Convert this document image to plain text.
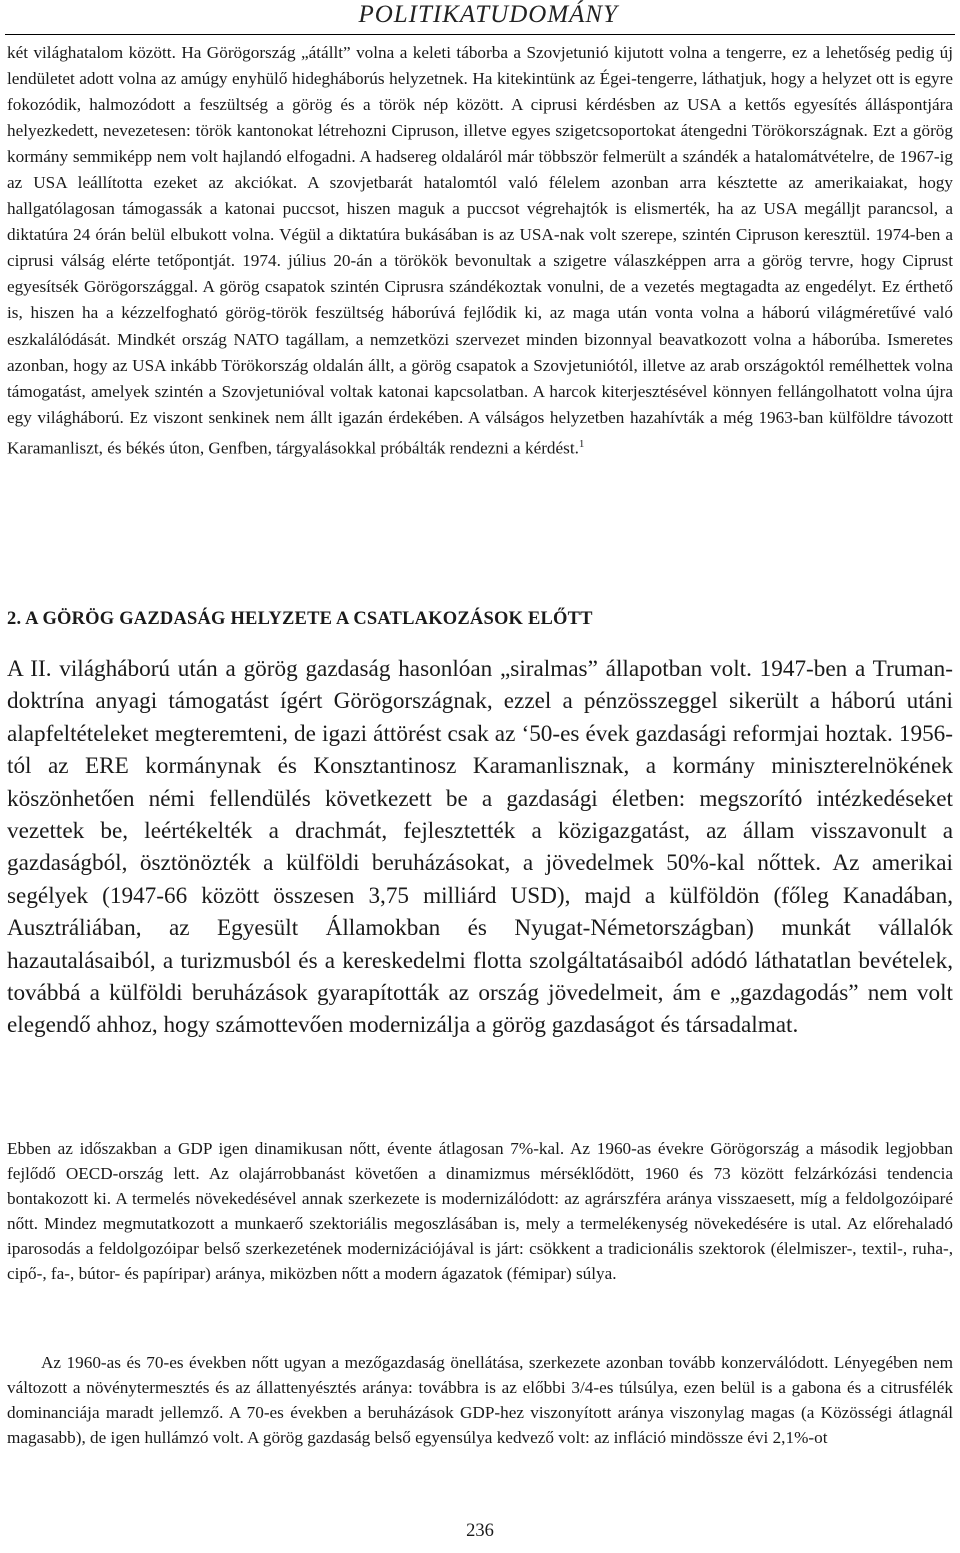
POLITIKATUDOMÁNY

két világhatalom között. Ha Görögország „átállt” volna a keleti táborba a Szovjetunió kijutott volna a tengerre, ez a lehetőség pedig új lendületet adott volna az amúgy enyhülő hidegháborús helyzetnek. Ha kitekintünk az Égei-tengerre, láthatjuk, hogy a helyzet ott is egyre fokozódik, halmozódott a feszültség a görög és a török nép között. A ciprusi kérdésben az USA a kettős egyesítés álláspontjára helyezkedett, nevezetesen: török kantonokat létrehozni Cipruson, illetve egyes szigetcsoportokat átengedni Törökországnak. Ezt a görög kormány semmiképp nem volt hajlandó elfogadni. A hadsereg oldaláról már többször felmerült a szándék a hatalomátvételre, de 1967-ig az USA leállította ezeket az akciókat. A szovjetbarát hatalomtól való félelem azonban arra késztette az amerikaiakat, hogy hallgatólagosan támogassák a katonai puccsot, hiszen maguk a puccsot végrehajtók is elismerték, ha az USA megálljt parancsol, a diktatúra 24 órán belül elbukott volna. Végül a diktatúra bukásában is az USA-nak volt szerepe, szintén Cipruson keresztül. 1974-ben a ciprusi válság elérte tetőpontját. 1974. július 20-án a törökök bevonultak a szigetre válaszképpen arra a görög tervre, hogy Ciprust egyesítsék Görögországgal. A görög csapatok szintén Ciprusra szándékoztak vonulni, de a vezetés megtagadta az engedélyt. Ez érthető is, hiszen ha a kézzelfogható görög-török feszültség háborúvá fejlődik ki, az maga után vonta volna a háború világméretűvé való eszkalálódását. Mindkét ország NATO tagállam, a nemzetközi szervezet minden bizonnyal beavatkozott volna a háborúba. Ismeretes azonban, hogy az USA inkább Törökország oldalán állt, a görög csapatok a Szovjetuniótól, illetve az arab országoktól remélhettek volna támogatást, amelyek szintén a Szovjetunióval voltak katonai kapcsolatban. A harcok kiterjesztésével könnyen fellángolhatott volna újra egy világháború. Ez viszont senkinek nem állt igazán érdekében. A válságos helyzetben hazahívták a még 1963-ban külföldre távozott Karamanliszt, és békés úton, Genfben, tárgyalásokkal próbálták rendezni a kérdést.$^1$

2. A GÖRÖG GAZDASÁG HELYZETE A CSATLAKOZÁSOK ELŐTT

A II. világháború után a görög gazdaság hasonlóan „siralmas” állapotban volt. 1947-ben a Truman-doktrína anyagi támogatást ígért Görögországnak, ezzel a pénzösszeggel sikerült a háború utáni alapfeltételeket megteremteni, de igazi áttörést csak az ‘50-es évek gazdasági reformjai hoztak. 1956-tól az ERE kormánynak és Konsztantinosz Karamanlisznak, a kormány miniszterelnökének köszönhetően némi fellendülés következett be a gazdasági életben: megszorító intézkedéseket vezettek be, leértékelték a drachmát, fejlesztették a közigazgatást, az állam visszavonult a gazdaságból, ösztönözték a külföldi beruházásokat, a jövedelmek 50%-kal nőttek. Az amerikai segélyek (1947-66 között összesen 3,75 milliárd USD), majd a külföldön (főleg Kanadában, Ausztráliában, az Egyesült Államokban és Nyugat-Németországban) munkát vállalók hazautalásaiból, a turizmusból és a kereskedelmi flotta szolgáltatásaiból adódó láthatatlan bevételek, továbbá a külföldi beruházások gyarapították az ország jövedelmeit, ám e „gazdagodás” nem volt elegendő ahhoz, hogy számottevően modernizálja a görög gazdaságot és társadalmat.

Ebben az időszakban a GDP igen dinamikusan nőtt, évente átlagosan 7%-kal. Az 1960-as évekre Görögország a második legjobban fejlődő OECD-ország lett. Az olajárrobbanást követően a dinamizmus mérséklődött, 1960 és 73 között felzárkózási tendencia bontakozott ki. A termelés növekedésével annak szerkezete is modernizálódott: az agrárszféra aránya visszaesett, míg a feldolgozóiparé nőtt. Mindez megmutatkozott a munkaerő szektoriális megoszlásában is, mely a termelékenység növekedésére is utal. Az előrehaladó iparosodás a feldolgozóipar belső szerkezetének modernizációjával is járt: csökkent a tradicionális szektorok (élelmiszer-, textil-, ruha-, cipő-, fa-, bútor- és papíripar) aránya, miközben nőtt a modern ágazatok (fémipar) súlya.

Az 1960-as és 70-es években nőtt ugyan a mezőgazdaság önellátása, szerkezete azonban tovább konzerválódott. Lényegében nem változott a növénytermesztés és az állattenyésztés aránya: továbbra is az előbbi 3/4-es túlsúlya, ezen belül is a gabona és a citrusfélék dominanciája maradt jellemző. A 70-es években a beruházások GDP-hez viszonyított aránya viszonylag magas (a Közösségi átlagnál magasabb), de igen hullámzó volt. A görög gazdaság belső egyensúlya kedvező volt: az infláció mindössze évi 2,1%-ot

236
